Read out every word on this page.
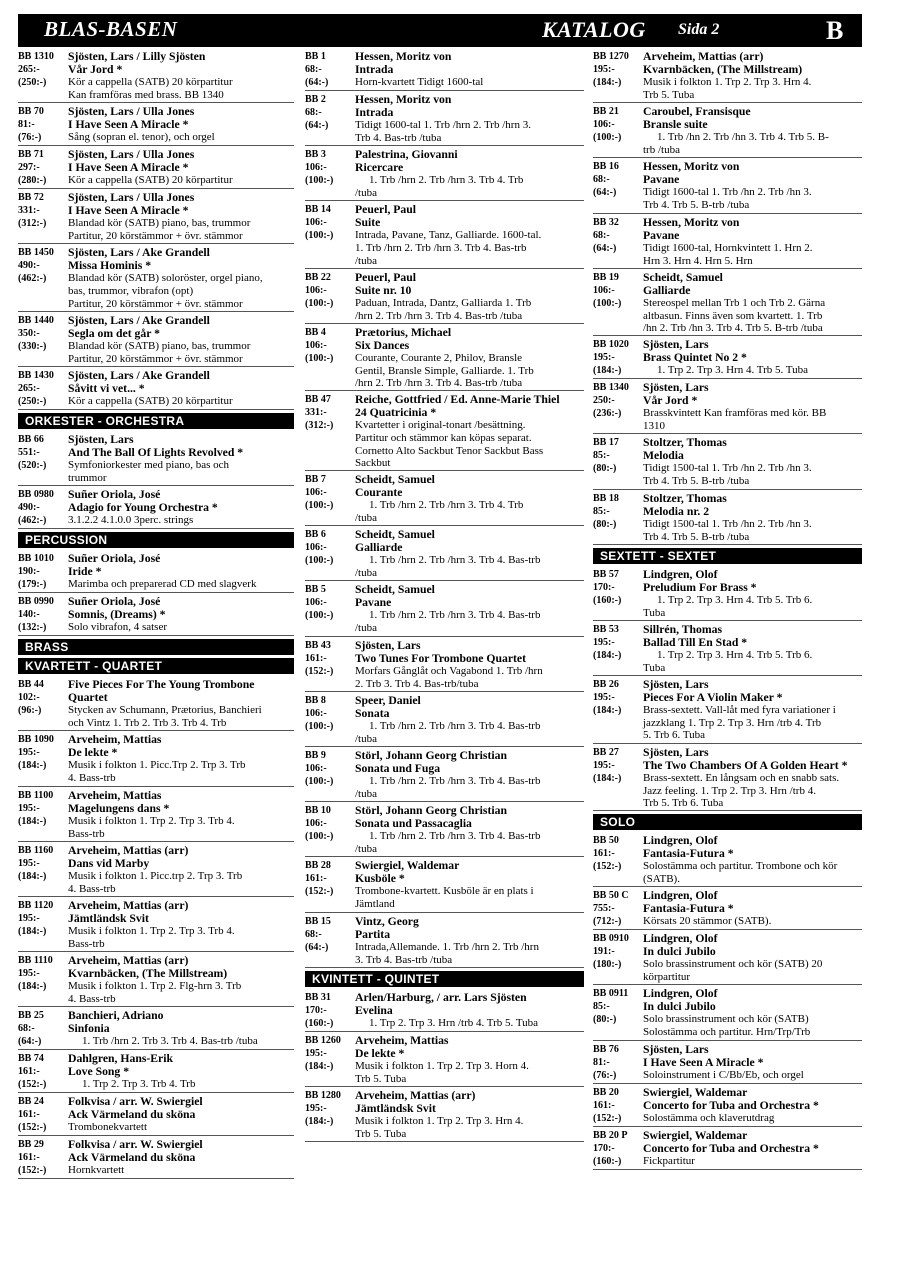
BLAS-BASEN	KATALOG Sida 2	B
BB 1310	Sjösten, Lars / Lilly Sjösten
265:-	Vår Jord *
(250:-)	Kör a cappella (SATB) 20 körpartitur
Kan framföras med brass. BB 1340
BB 70	Sjösten, Lars / Ulla Jones
81:-	I Have Seen A Miracle *
(76:-)	Sång (sopran el. tenor), och orgel
BB 71	Sjösten, Lars / Ulla Jones
297:-	I Have Seen A Miracle *
(280:-)	Kör a cappella (SATB) 20 körpartitur
BB 72	Sjösten, Lars / Ulla Jones
331:-	I Have Seen A Miracle *
(312:-)	Blandad kör (SATB) piano, bas, trummor
Partitur, 20 körstämmor + övr. stämmor
BB 1450	Sjösten, Lars / Ake Grandell
490:-	Missa Hominis *
(462:-)	Blandad kör (SATB) soloröster, orgel piano,
bas, trummor, vibrafon (opt)
Partitur, 20 körstämmor + övr. stämmor
BB 1440	Sjösten, Lars / Ake Grandell
350:-	Segla om det går *
(330:-)	Blandad kör (SATB) piano, bas, trummor
Partitur, 20 körstämmor + övr. stämmor
BB 1430	Sjösten, Lars / Ake Grandell
265:-	Såvitt vi vet... *
(250:-)	Kör a cappella (SATB) 20 körpartitur
ORKESTER - ORCHESTRA
BB 66	Sjösten, Lars
551:-	And The Ball Of Lights Revolved *
(520:-)	Symfoniorkester med piano, bas och
trummor
BB 0980	Suñer Oriola, José
490:-	Adagio for Young Orchestra *
(462:-)	3.1.2.2 4.1.0.0 3perc. strings
PERCUSSION
BB 1010	Suñer Oriola, José
190:-	Iride *
(179:-)	Marimba och preparerad CD med slagverk
BB 0990	Suñer Oriola, José
140:-	Somnis, (Dreams) *
(132:-)	Solo vibrafon, 4 satser
BRASS
KVARTETT - QUARTET
BB 44	Five Pieces For The Young Trombone
102:-	Quartet
(96:-)	Stycken av Schumann, Prætorius, Banchieri
och Vintz 1. Trb 2. Trb 3. Trb 4. Trb
BB 1090	Arveheim, Mattias
195:-	De lekte *
(184:-)	Musik i folkton 1. Picc.Trp 2. Trp 3. Trb
4. Bass-trb
BB 1100	Arveheim, Mattias
195:-	Magelungens dans *
(184:-)	Musik i folkton 1. Trp 2. Trp 3. Trb 4.
Bass-trb
BB 1160	Arveheim, Mattias (arr)
195:-	Dans vid Marby
(184:-)	Musik i folkton 1. Picc.trp 2. Trp 3. Trb
4. Bass-trb
BB 1120	Arveheim, Mattias (arr)
195:-	Jämtländsk Svit
(184:-)	Musik i folkton 1. Trp 2. Trp 3. Trb 4.
Bass-trb
BB 1110	Arveheim, Mattias (arr)
195:-	Kvarnbäcken, (The Millstream)
(184:-)	Musik i folkton 1. Trp 2. Flg-hrn 3. Trb
4. Bass-trb
BB 25	Banchieri, Adriano
68:-	Sinfonia
(64:-)	1. Trb /hrn 2. Trb 3. Trb 4. Bas-trb /tuba
BB 74	Dahlgren, Hans-Erik
161:-	Love Song *
(152:-)	1. Trp 2. Trp 3. Trb 4. Trb
BB 24	Folkvisa / arr. W. Swiergiel
161:-	Ack Värmeland du sköna
(152:-)	Trombonekvartett
BB 29	Folkvisa / arr. W. Swiergiel
161:-	Ack Värmeland du sköna
(152:-)	Hornkvartett
BB 1	Hessen, Moritz von
68:-	Intrada
(64:-)	Horn-kvartett Tidigt 1600-tal
BB 2	Hessen, Moritz von
68:-	Intrada
(64:-)	Tidigt 1600-tal 1. Trb /hrn 2. Trb /hrn 3.
Trb 4. Bas-trb /tuba
BB 3	Palestrina, Giovanni
106:-	Ricercare
(100:-)	1. Trb /hrn 2. Trb /hrn 3. Trb 4. Trb
/tuba
BB 14	Peuerl, Paul
106:-	Suite
(100:-)	Intrada, Pavane, Tanz, Galliarde. 1600-tal.
1. Trb /hrn 2. Trb /hrn 3. Trb 4. Bas-trb
/tuba
BB 22	Peuerl, Paul
106:-	Suite nr. 10
(100:-)	Paduan, Intrada, Dantz, Galliarda 1. Trb
/hrn 2. Trb /hrn 3. Trb 4. Bas-trb /tuba
BB 4	Prætorius, Michael
106:-	Six Dances
(100:-)	Courante, Courante 2, Philov, Bransle
Gentil, Bransle Simple, Galliarde. 1. Trb
/hrn 2. Trb /hrn 3. Trb 4. Bas-trb /tuba
BB 47	Reiche, Gottfried / Ed. Anne-Marie Thiel
331:-	24 Quatricinia *
(312:-)	Kvartetter i original-tonart /besättning.
Partitur och stämmor kan köpas separat.
Cornetto Alto Sackbut Tenor Sackbut Bass
Sackbut
BB 7	Scheidt, Samuel
106:-	Courante
(100:-)	1. Trb /hrn 2. Trb /hrn 3. Trb 4. Trb
/tuba
BB 6	Scheidt, Samuel
106:-	Galliarde
(100:-)	1. Trb /hrn 2. Trb /hrn 3. Trb 4. Bas-trb
/tuba
BB 5	Scheidt, Samuel
106:-	Pavane
(100:-)	1. Trb /hrn 2. Trb /hrn 3. Trb 4. Bas-trb
/tuba
BB 43	Sjösten, Lars
161:-	Two Tunes For Trombone Quartet
(152:-)	Morfars Gånglåt och Vagabond 1. Trb /hrn
2. Trb 3. Trb 4. Bas-trb/tuba
BB 8	Speer, Daniel
106:-	Sonata
(100:-)	1. Trb /hrn 2. Trb /hrn 3. Trb 4. Bas-trb
/tuba
BB 9	Störl, Johann Georg Christian
106:-	Sonata und Fuga
(100:-)	1. Trb /hrn 2. Trb /hrn 3. Trb 4. Bas-trb
/tuba
BB 10	Störl, Johann Georg Christian
106:-	Sonata und Passacaglia
(100:-)	1. Trb /hrn 2. Trb /hrn 3. Trb 4. Bas-trb
/tuba
BB 28	Swiergiel, Waldemar
161:-	Kusböle *
(152:-)	Trombone-kvartett. Kusböle är en plats i
Jämtland
BB 15	Vintz, Georg
68:-	Partita
(64:-)	Intrada,Allemande. 1. Trb /hrn 2. Trb /hrn
3. Trb 4. Bas-trb /tuba
KVINTETT - QUINTET
BB 31	Arlen/Harburg, / arr. Lars Sjösten
170:-	Evelina
(160:-)	1. Trp 2. Trp 3. Hrn /trb 4. Trb 5. Tuba
BB 1260	Arveheim, Mattias
195:-	De lekte *
(184:-)	Musik i folkton 1. Trp 2. Trp 3. Horn 4.
Trb 5. Tuba
BB 1280	Arveheim, Mattias (arr)
195:-	Jämtländsk Svit
(184:-)	Musik i folkton 1. Trp 2. Trp 3. Hrn 4.
Trb 5. Tuba
BB 1270	Arveheim, Mattias (arr)
195:-	Kvarnbäcken, (The Millstream)
(184:-)	Musik i folkton 1. Trp 2. Trp 3. Hrn 4.
Trb 5. Tuba
BB 21	Caroubel, Fransisque
106:-	Bransle suite
(100:-)	1. Trb /hn 2. Trb /hn 3. Trb 4. Trb 5. B-
trb /tuba
BB 16	Hessen, Moritz von
68:-	Pavane
(64:-)	Tidigt 1600-tal 1. Trb /hn 2. Trb /hn 3.
Trb 4. Trb 5. B-trb /tuba
BB 32	Hessen, Moritz von
68:-	Pavane
(64:-)	Tidigt 1600-tal, Hornkvintett 1. Hrn 2.
Hrn 3. Hrn 4. Hrn 5. Hrn
BB 19	Scheidt, Samuel
106:-	Galliarde
(100:-)	Stereospel mellan Trb 1 och Trb 2. Gärna
altbasun. Finns även som kvartett. 1. Trb
/hn 2. Trb /hn 3. Trb 4. Trb 5. B-trb /tuba
BB 1020	Sjösten, Lars
195:-	Brass Quintet No 2 *
(184:-)	1. Trp 2. Trp 3. Hrn 4. Trb 5. Tuba
BB 1340	Sjösten, Lars
250:-	Vår Jord *
(236:-)	Brasskvintett Kan framföras med kör. BB
1310
BB 17	Stoltzer, Thomas
85:-	Melodia
(80:-)	Tidigt 1500-tal 1. Trb /hn 2. Trb /hn 3.
Trb 4. Trb 5. B-trb /tuba
BB 18	Stoltzer, Thomas
85:-	Melodia nr. 2
(80:-)	Tidigt 1500-tal 1. Trb /hn 2. Trb /hn 3.
Trb 4. Trb 5. B-trb /tuba
SEXTETT - SEXTET
BB 57	Lindgren, Olof
170:-	Preludium For Brass *
(160:-)	1. Trp 2. Trp 3. Hrn 4. Trb 5. Trb 6.
Tuba
BB 53	Sillrén, Thomas
195:-	Ballad Till En Stad *
(184:-)	1. Trp 2. Trp 3. Hrn 4. Trb 5. Trb 6.
Tuba
BB 26	Sjösten, Lars
195:-	Pieces For A Violin Maker *
(184:-)	Brass-sextett. Vall-låt med fyra variationer i
jazzklang 1. Trp 2. Trp 3. Hrn /trb 4. Trb
5. Trb 6. Tuba
BB 27	Sjösten, Lars
195:-	The Two Chambers Of A Golden Heart *
(184:-)	Brass-sextett. En långsam och en snabb sats.
Jazz feeling. 1. Trp 2. Trp 3. Hrn /trb 4.
Trb 5. Trb 6. Tuba
SOLO
BB 50	Lindgren, Olof
161:-	Fantasia-Futura *
(152:-)	Solostämma och partitur. Trombone och kör
(SATB).
BB 50 C	Lindgren, Olof
755:-	Fantasia-Futura *
(712:-)	Körsats 20 stämmor (SATB).
BB 0910	Lindgren, Olof
191:-	In dulci Jubilo
(180:-)	Solo brassinstrument och kör (SATB) 20
körpartitur
BB 0911	Lindgren, Olof
85:-	In dulci Jubilo
(80:-)	Solo brassinstrument och kör (SATB)
Solostämma och partitur. Hrn/Trp/Trb
BB 76	Sjösten, Lars
81:-	I Have Seen A Miracle *
(76:-)	Soloinstrument i C/Bb/Eb, och orgel
BB 20	Swiergiel, Waldemar
161:-	Concerto for Tuba and Orchestra *
(152:-)	Solostämma och klaverutdrag
BB 20 P	Swiergiel, Waldemar
170:-	Concerto for Tuba and Orchestra *
(160:-)	Fickpartitur
